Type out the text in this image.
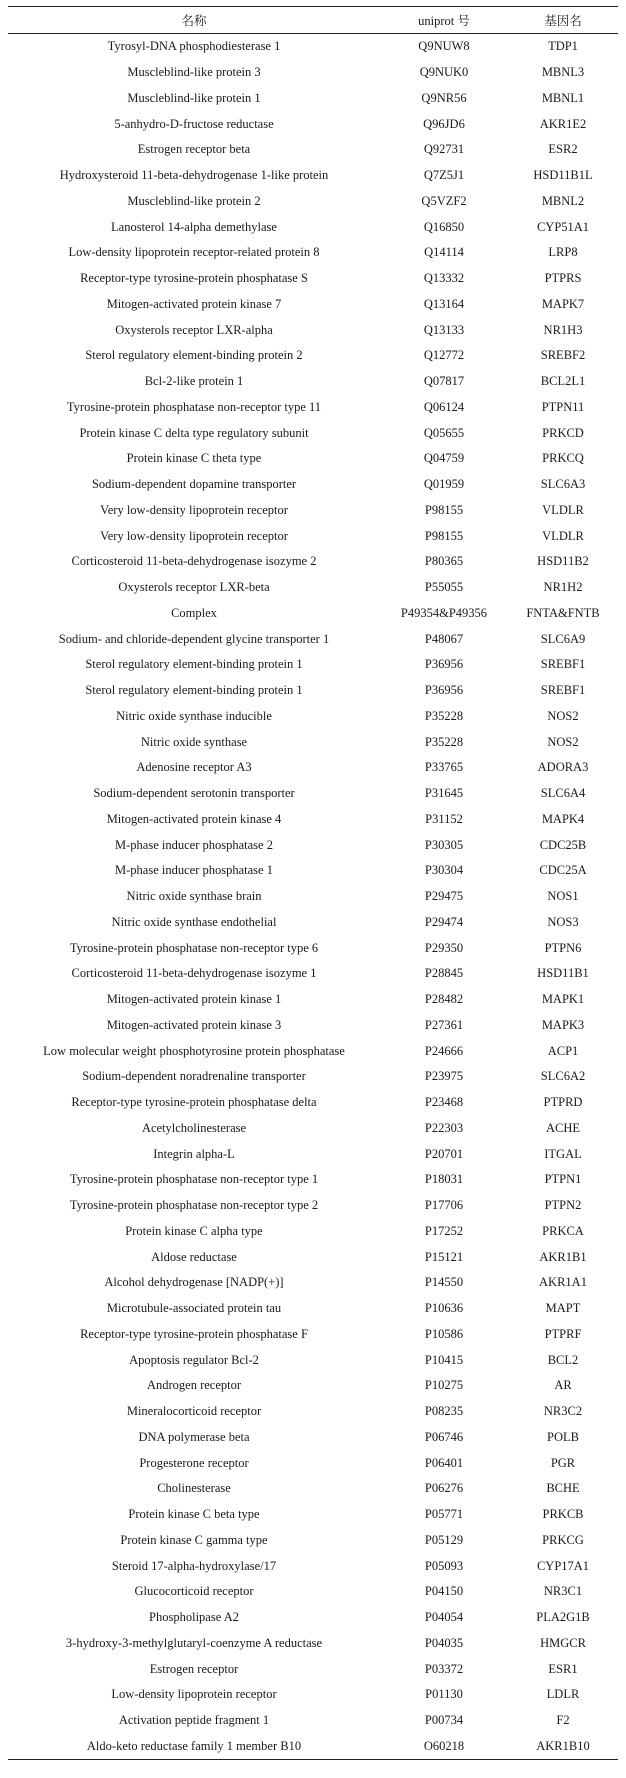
名称	uniprot 号	基因名
Tyrosyl-DNA phosphodiesterase 1	Q9NUW8	TDP1
Muscleblind-like protein 3	Q9NUK0	MBNL3
Muscleblind-like protein 1	Q9NR56	MBNL1
5-anhydro-D-fructose reductase	Q96JD6	AKR1E2
Estrogen receptor beta	Q92731	ESR2
Hydroxysteroid 11-beta-dehydrogenase 1-like protein	Q7Z5J1	HSD11B1L
Muscleblind-like protein 2	Q5VZF2	MBNL2
Lanosterol 14-alpha demethylase	Q16850	CYP51A1
Low-density lipoprotein receptor-related protein 8	Q14114	LRP8
Receptor-type tyrosine-protein phosphatase S	Q13332	PTPRS
Mitogen-activated protein kinase 7	Q13164	MAPK7
Oxysterols receptor LXR-alpha	Q13133	NR1H3
Sterol regulatory element-binding protein 2	Q12772	SREBF2
Bcl-2-like protein 1	Q07817	BCL2L1
Tyrosine-protein phosphatase non-receptor type 11	Q06124	PTPN11
Protein kinase C delta type regulatory subunit	Q05655	PRKCD
Protein kinase C theta type	Q04759	PRKCQ
Sodium-dependent dopamine transporter	Q01959	SLC6A3
Very low-density lipoprotein receptor	P98155	VLDLR
Very low-density lipoprotein receptor	P98155	VLDLR
Corticosteroid 11-beta-dehydrogenase isozyme 2	P80365	HSD11B2
Oxysterols receptor LXR-beta	P55055	NR1H2
Complex	P49354&P49356	FNTA&FNTB
Sodium- and chloride-dependent glycine transporter 1	P48067	SLC6A9
Sterol regulatory element-binding protein 1	P36956	SREBF1
Sterol regulatory element-binding protein 1	P36956	SREBF1
Nitric oxide synthase inducible	P35228	NOS2
Nitric oxide synthase	P35228	NOS2
Adenosine receptor A3	P33765	ADORA3
Sodium-dependent serotonin transporter	P31645	SLC6A4
Mitogen-activated protein kinase 4	P31152	MAPK4
M-phase inducer phosphatase 2	P30305	CDC25B
M-phase inducer phosphatase 1	P30304	CDC25A
Nitric oxide synthase brain	P29475	NOS1
Nitric oxide synthase endothelial	P29474	NOS3
Tyrosine-protein phosphatase non-receptor type 6	P29350	PTPN6
Corticosteroid 11-beta-dehydrogenase isozyme 1	P28845	HSD11B1
Mitogen-activated protein kinase 1	P28482	MAPK1
Mitogen-activated protein kinase 3	P27361	MAPK3
Low molecular weight phosphotyrosine protein phosphatase	P24666	ACP1
Sodium-dependent noradrenaline transporter	P23975	SLC6A2
Receptor-type tyrosine-protein phosphatase delta	P23468	PTPRD
Acetylcholinesterase	P22303	ACHE
Integrin alpha-L	P20701	ITGAL
Tyrosine-protein phosphatase non-receptor type 1	P18031	PTPN1
Tyrosine-protein phosphatase non-receptor type 2	P17706	PTPN2
Protein kinase C alpha type	P17252	PRKCA
Aldose reductase	P15121	AKR1B1
Alcohol dehydrogenase [NADP(+)]	P14550	AKR1A1
Microtubule-associated protein tau	P10636	MAPT
Receptor-type tyrosine-protein phosphatase F	P10586	PTPRF
Apoptosis regulator Bcl-2	P10415	BCL2
Androgen receptor	P10275	AR
Mineralocorticoid receptor	P08235	NR3C2
DNA polymerase beta	P06746	POLB
Progesterone receptor	P06401	PGR
Cholinesterase	P06276	BCHE
Protein kinase C beta type	P05771	PRKCB
Protein kinase C gamma type	P05129	PRKCG
Steroid 17-alpha-hydroxylase/17	P05093	CYP17A1
Glucocorticoid receptor	P04150	NR3C1
Phospholipase A2	P04054	PLA2G1B
3-hydroxy-3-methylglutaryl-coenzyme A reductase	P04035	HMGCR
Estrogen receptor	P03372	ESR1
Low-density lipoprotein receptor	P01130	LDLR
Activation peptide fragment 1	P00734	F2
Aldo-keto reductase family 1 member B10	O60218	AKR1B10
